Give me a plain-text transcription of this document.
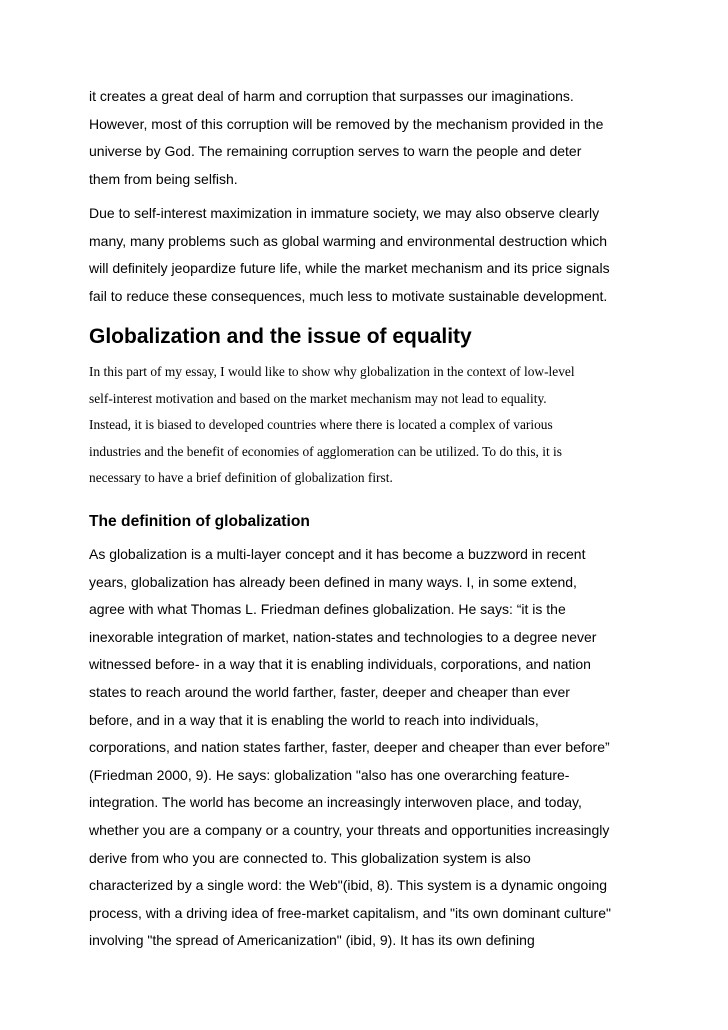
it creates a great deal of harm and corruption that surpasses our imaginations.
However, most of this corruption will be removed by the mechanism provided in the
universe by God. The remaining corruption serves to warn the people and deter
them from being selfish.
Due to self-interest maximization in immature society, we may also observe clearly
many, many problems such as global warming and environmental destruction which
will definitely jeopardize future life, while the market mechanism and its price signals
fail to reduce these consequences, much less to motivate sustainable development.
Globalization and the issue of equality
In this part of my essay, I would like to show why globalization in the context of low-level
self-interest motivation and based on the market mechanism may not lead to equality.
Instead, it is biased to developed countries where there is located a complex of various
industries and the benefit of economies of agglomeration can be utilized. To do this, it is
necessary to have a brief definition of globalization first.
The definition of globalization
As globalization is a multi-layer concept and it has become a buzzword in recent
years, globalization has already been defined in many ways. I, in some extend,
agree with what Thomas L. Friedman defines globalization. He says: “it is the
inexorable integration of market, nation-states and technologies to a degree never
witnessed before- in a way that it is enabling individuals, corporations, and nation
states to reach around the world farther, faster, deeper and cheaper than ever
before, and in a way that it is enabling the world to reach into individuals,
corporations, and nation states farther, faster, deeper and cheaper than ever before”
(Friedman 2000, 9). He says: globalization "also has one overarching feature-
integration. The world has become an increasingly interwoven place, and today,
whether you are a company or a country, your threats and opportunities increasingly
derive from who you are connected to. This globalization system is also
characterized by a single word: the Web"(ibid, 8). This system is a dynamic ongoing
process, with a driving idea of free-market capitalism, and "its own dominant culture"
involving "the spread of Americanization" (ibid, 9). It has its own defining
